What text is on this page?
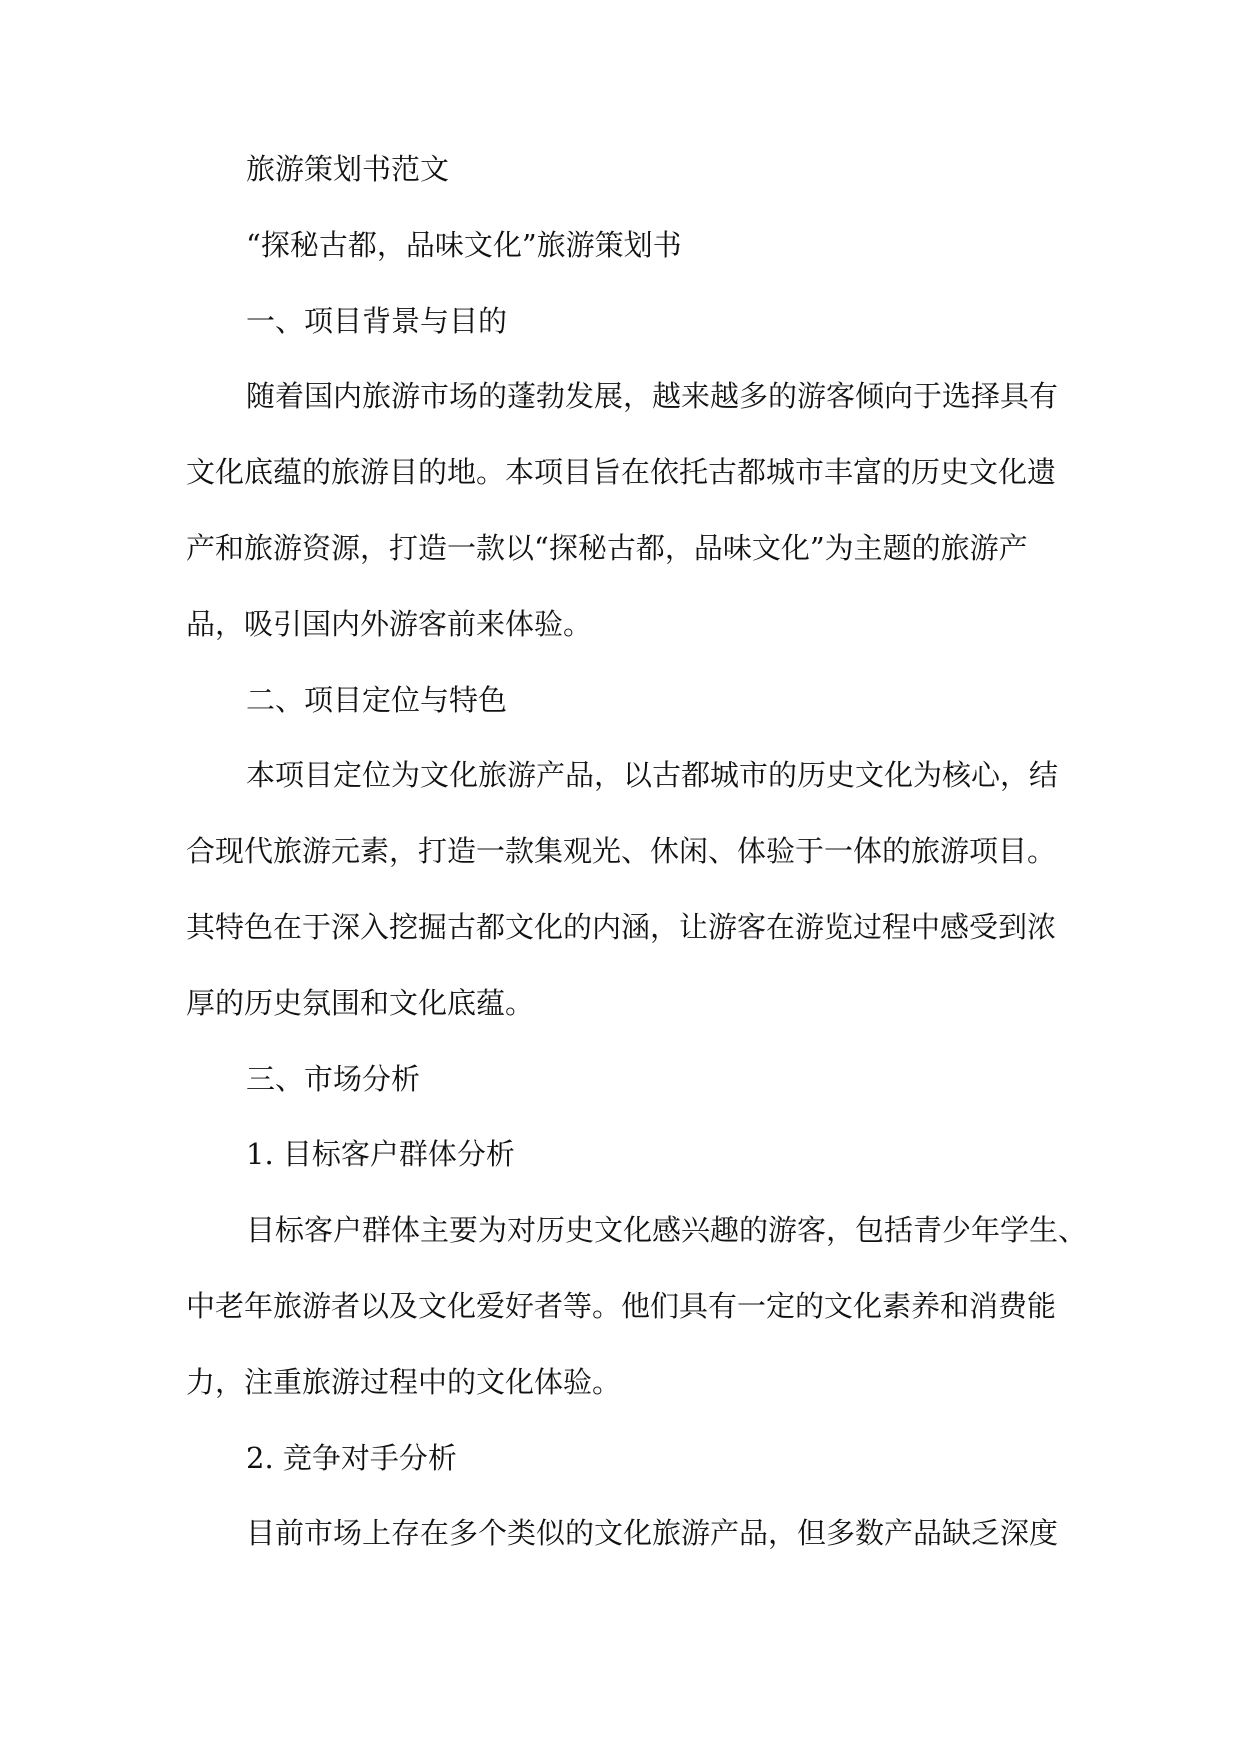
旅游策划书范文
“探秘古都，品味文化”旅游策划书
一、项目背景与目的
随着国内旅游市场的蓬勃发展，越来越多的游客倾向于选择具有
文化底蕴的旅游目的地。本项目旨在依托古都城市丰富的历史文化遗
产和旅游资源，打造一款以“探秘古都，品味文化”为主题的旅游产
品，吸引国内外游客前来体验。
二、项目定位与特色
本项目定位为文化旅游产品，以古都城市的历史文化为核心，结
合现代旅游元素，打造一款集观光、休闲、体验于一体的旅游项目。
其特色在于深入挖掘古都文化的内涵，让游客在游览过程中感受到浓
厚的历史氛围和文化底蕴。
三、市场分析
1. 目标客户群体分析
目标客户群体主要为对历史文化感兴趣的游客，包括青少年学生、
中老年旅游者以及文化爱好者等。他们具有一定的文化素养和消费能
力，注重旅游过程中的文化体验。
2. 竞争对手分析
目前市场上存在多个类似的文化旅游产品，但多数产品缺乏深度
